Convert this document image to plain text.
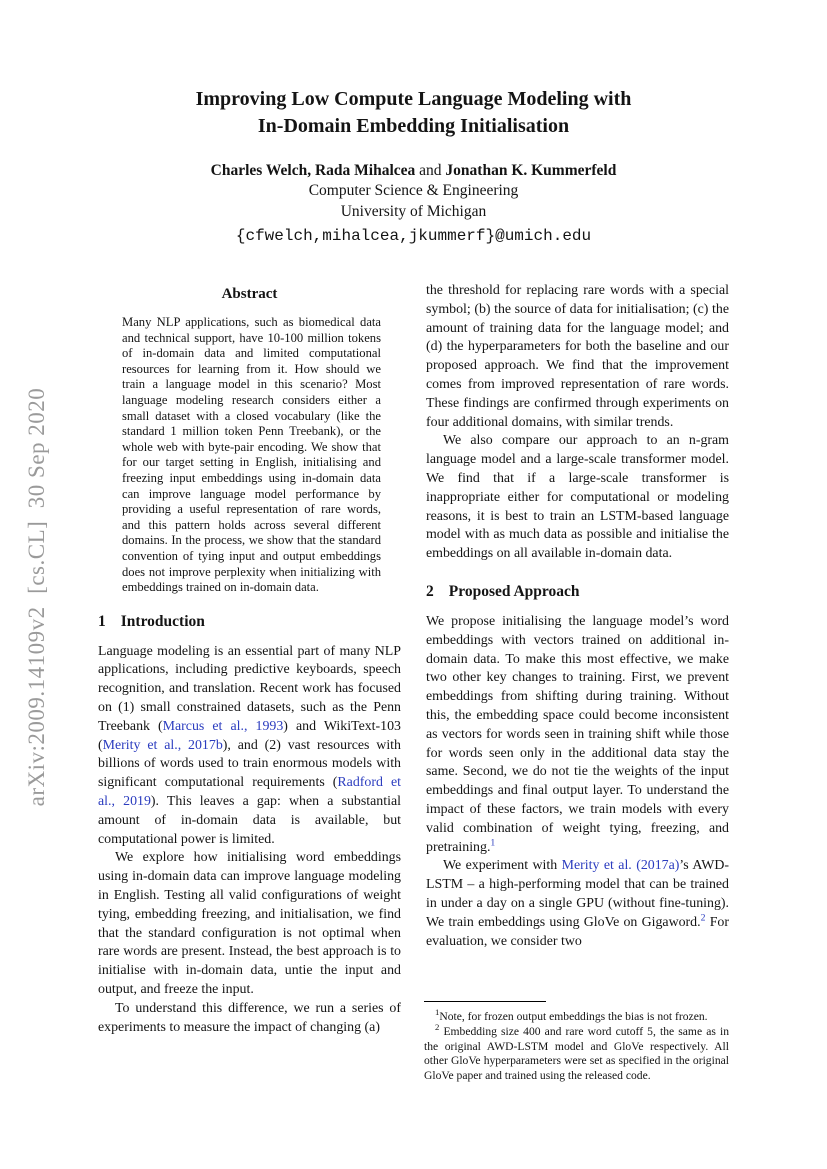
arXiv:2009.14109v2  [cs.CL]  30 Sep 2020
Improving Low Compute Language Modeling with
In-Domain Embedding Initialisation
Charles Welch, Rada Mihalcea and Jonathan K. Kummerfeld
Computer Science & Engineering
University of Michigan
{cfwelch,mihalcea,jkummerf}@umich.edu
Abstract

Many NLP applications, such as biomedical data and technical support, have 10-100 million tokens of in-domain data and limited computational resources for learning from it. How should we train a language model in this scenario? Most language modeling research considers either a small dataset with a closed vocabulary (like the standard 1 million token Penn Treebank), or the whole web with byte-pair encoding. We show that for our target setting in English, initialising and freezing input embeddings using in-domain data can improve language model performance by providing a useful representation of rare words, and this pattern holds across several different domains. In the process, we show that the standard convention of tying input and output embeddings does not improve perplexity when initializing with embeddings trained on in-domain data.

1 Introduction

Language modeling is an essential part of many NLP applications, including predictive keyboards, speech recognition, and translation. Recent work has focused on (1) small constrained datasets, such as the Penn Treebank (Marcus et al., 1993) and WikiText-103 (Merity et al., 2017b), and (2) vast resources with billions of words used to train enormous models with significant computational requirements (Radford et al., 2019). This leaves a gap: when a substantial amount of in-domain data is available, but computational power is limited.

We explore how initialising word embeddings using in-domain data can improve language modeling in English. Testing all valid configurations of weight tying, embedding freezing, and initialisation, we find that the standard configuration is not optimal when rare words are present. Instead, the best approach is to initialise with in-domain data, untie the input and output, and freeze the input.

To understand this difference, we run a series of experiments to measure the impact of changing (a)

the threshold for replacing rare words with a special symbol; (b) the source of data for initialisation; (c) the amount of training data for the language model; and (d) the hyperparameters for both the baseline and our proposed approach. We find that the improvement comes from improved representation of rare words. These findings are confirmed through experiments on four additional domains, with similar trends.

We also compare our approach to an n-gram language model and a large-scale transformer model. We find that if a large-scale transformer is inappropriate either for computational or modeling reasons, it is best to train an LSTM-based language model with as much data as possible and initialise the embeddings on all available in-domain data.

2 Proposed Approach

We propose initialising the language model’s word embeddings with vectors trained on additional in-domain data. To make this most effective, we make two other key changes to training. First, we prevent embeddings from shifting during training. Without this, the embedding space could become inconsistent as vectors for words seen in training shift while those for words seen only in the additional data stay the same. Second, we do not tie the weights of the input embeddings and final output layer. To understand the impact of these factors, we train models with every valid combination of weight tying, freezing, and pretraining.$^1$

We experiment with Merity et al. (2017a)’s AWD-LSTM – a high-performing model that can be trained in under a day on a single GPU (without fine-tuning). We train embeddings using GloVe on Gigaword.$^2$ For evaluation, we consider two

$^1$Note, for frozen output embeddings the bias is not frozen.

$^2$ Embedding size 400 and rare word cutoff 5, the same as in the original AWD-LSTM model and GloVe respectively. All other GloVe hyperparameters were set as specified in the original GloVe paper and trained using the released code.
